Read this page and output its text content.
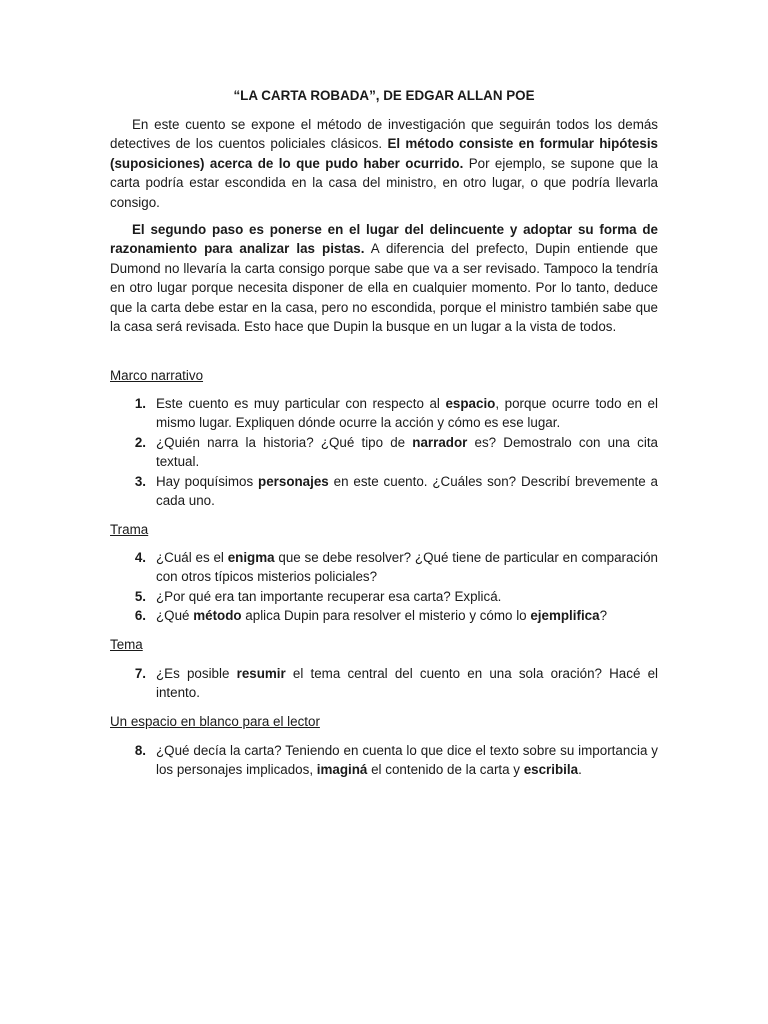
“LA CARTA ROBADA”, DE EDGAR ALLAN POE

En este cuento se expone el método de investigación que seguirán todos los demás detectives de los cuentos policiales clásicos. El método consiste en formular hipótesis (suposiciones) acerca de lo que pudo haber ocurrido. Por ejemplo, se supone que la carta podría estar escondida en la casa del ministro, en otro lugar, o que podría llevarla consigo.

El segundo paso es ponerse en el lugar del delincuente y adoptar su forma de razonamiento para analizar las pistas. A diferencia del prefecto, Dupin entiende que Dumond no llevaría la carta consigo porque sabe que va a ser revisado. Tampoco la tendría en otro lugar porque necesita disponer de ella en cualquier momento. Por lo tanto, deduce que la carta debe estar en la casa, pero no escondida, porque el ministro también sabe que la casa será revisada. Esto hace que Dupin la busque en un lugar a la vista de todos.

Marco narrativo

1. Este cuento es muy particular con respecto al espacio, porque ocurre todo en el mismo lugar. Expliquen dónde ocurre la acción y cómo es ese lugar.
2. ¿Quién narra la historia? ¿Qué tipo de narrador es? Demostralo con una cita textual.
3. Hay poquísimos personajes en este cuento. ¿Cuáles son? Describí brevemente a cada uno.

Trama

4. ¿Cuál es el enigma que se debe resolver? ¿Qué tiene de particular en comparación con otros típicos misterios policiales?
5. ¿Por qué era tan importante recuperar esa carta? Explicá.
6. ¿Qué método aplica Dupin para resolver el misterio y cómo lo ejemplifica?

Tema

7. ¿Es posible resumir el tema central del cuento en una sola oración? Hacé el intento.

Un espacio en blanco para el lector

8. ¿Qué decía la carta? Teniendo en cuenta lo que dice el texto sobre su importancia y los personajes implicados, imaginá el contenido de la carta y escribila.
